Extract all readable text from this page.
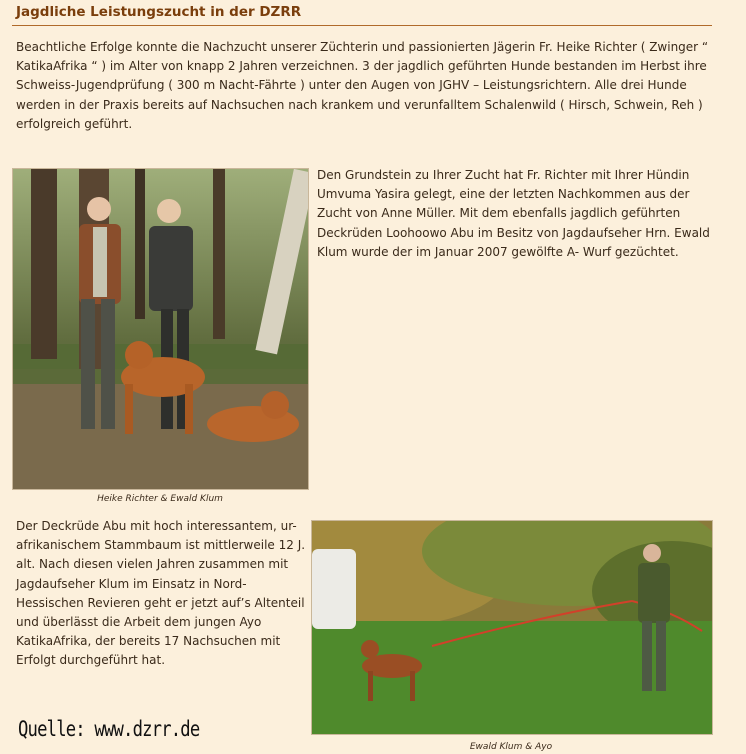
Jagdliche Leistungszucht in der DZRR

Beachtliche Erfolge konnte die Nachzucht unserer Züchterin und passionierten Jägerin Fr. Heike Richter ( Zwinger “ KatikaAfrika “ ) im Alter von knapp 2 Jahren verzeichnen. 3 der jagdlich geführten Hunde bestanden im Herbst ihre Schweiss-Jugendprüfung ( 300 m Nacht-Fährte ) unter den Augen von JGHV – Leistungsrichtern. Alle drei Hunde werden in der Praxis bereits auf Nachsuchen nach krankem und verunfalltem Schalenwild ( Hirsch, Schwein, Reh ) erfolgreich geführt.

Den Grundstein zu Ihrer Zucht hat Fr. Richter mit Ihrer Hündin Umvuma Yasira gelegt, eine der letzten Nachkommen aus der Zucht von Anne Müller. Mit dem ebenfalls jagdlich geführten Deckrüden Loohoowo Abu im Besitz von Jagdaufseher Hrn. Ewald Klum wurde der im Januar 2007 gewölfte A- Wurf gezüchtet.

Heike Richter & Ewald Klum

Der Deckrüde Abu mit hoch interessantem, ur-afrikanischem Stammbaum ist mittlerweile 12 J. alt. Nach diesen vielen Jahren zusammen mit Jagdaufseher Klum im Einsatz in Nord-Hessischen Revieren geht er jetzt auf’s Altenteil und überlässt die Arbeit dem jungen Ayo KatikaAfrika, der bereits 17 Nachsuchen mit Erfolgt durchgeführt hat.

Quelle: www.dzrr.de
Ewald Klum & Ayo
